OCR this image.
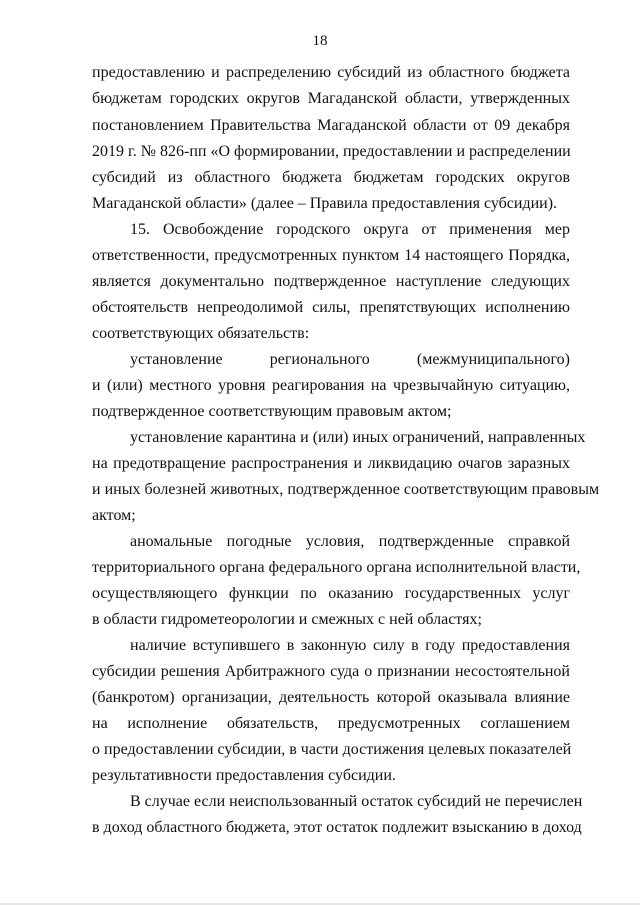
18
предоставлению и распределению субсидий из областного бюджета
бюджетам городских округов Магаданской области, утвержденных
постановлением Правительства Магаданской области от 09 декабря
2019 г. № 826-пп «О формировании, предоставлении и распределении
субсидий из областного бюджета бюджетам городских округов
Магаданской области» (далее – Правила предоставления субсидии).
15. Освобождение городского округа от применения мер
ответственности, предусмотренных пунктом 14 настоящего Порядка,
является документально подтвержденное наступление следующих
обстоятельств непреодолимой силы, препятствующих исполнению
соответствующих обязательств:
установление регионального (межмуниципального)
и (или) местного уровня реагирования на чрезвычайную ситуацию,
подтвержденное соответствующим правовым актом;
установление карантина и (или) иных ограничений, направленных
на предотвращение распространения и ликвидацию очагов заразных
и иных болезней животных, подтвержденное соответствующим правовым
актом;
аномальные погодные условия, подтвержденные справкой
территориального органа федерального органа исполнительной власти,
осуществляющего функции по оказанию государственных услуг
в области гидрометеорологии и смежных с ней областях;
наличие вступившего в законную силу в году предоставления
субсидии решения Арбитражного суда о признании несостоятельной
(банкротом) организации, деятельность которой оказывала влияние
на исполнение обязательств, предусмотренных соглашением
о предоставлении субсидии, в части достижения целевых показателей
результативности предоставления субсидии.
В случае если неиспользованный остаток субсидий не перечислен
в доход областного бюджета, этот остаток подлежит взысканию в доход
